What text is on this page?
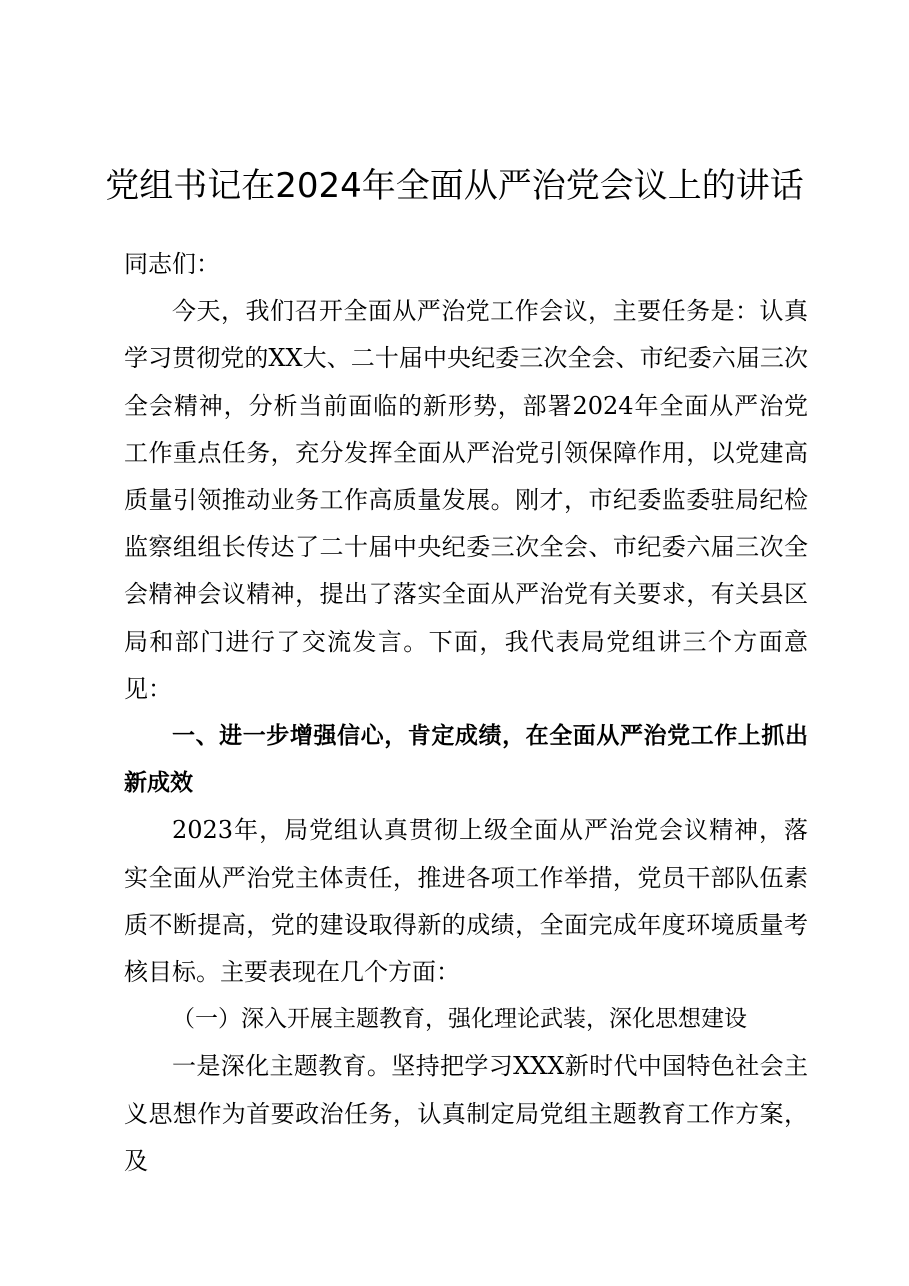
党组书记在2024年全面从严治党会议上的讲话

同志们：

今天，我们召开全面从严治党工作会议，主要任务是：认真学习贯彻党的XX大、二十届中央纪委三次全会、市纪委六届三次全会精神，分析当前面临的新形势，部署2024年全面从严治党工作重点任务，充分发挥全面从严治党引领保障作用，以党建高质量引领推动业务工作高质量发展。刚才，市纪委监委驻局纪检监察组组长传达了二十届中央纪委三次全会、市纪委六届三次全会精神会议精神，提出了落实全面从严治党有关要求，有关县区局和部门进行了交流发言。下面，我代表局党组讲三个方面意见：

一、进一步增强信心，肯定成绩，在全面从严治党工作上抓出新成效

2023年，局党组认真贯彻上级全面从严治党会议精神，落实全面从严治党主体责任，推进各项工作举措，党员干部队伍素质不断提高，党的建设取得新的成绩，全面完成年度环境质量考核目标。主要表现在几个方面：

（一）深入开展主题教育，强化理论武装，深化思想建设

一是深化主题教育。坚持把学习XXX新时代中国特色社会主义思想作为首要政治任务，认真制定局党组主题教育工作方案，及
